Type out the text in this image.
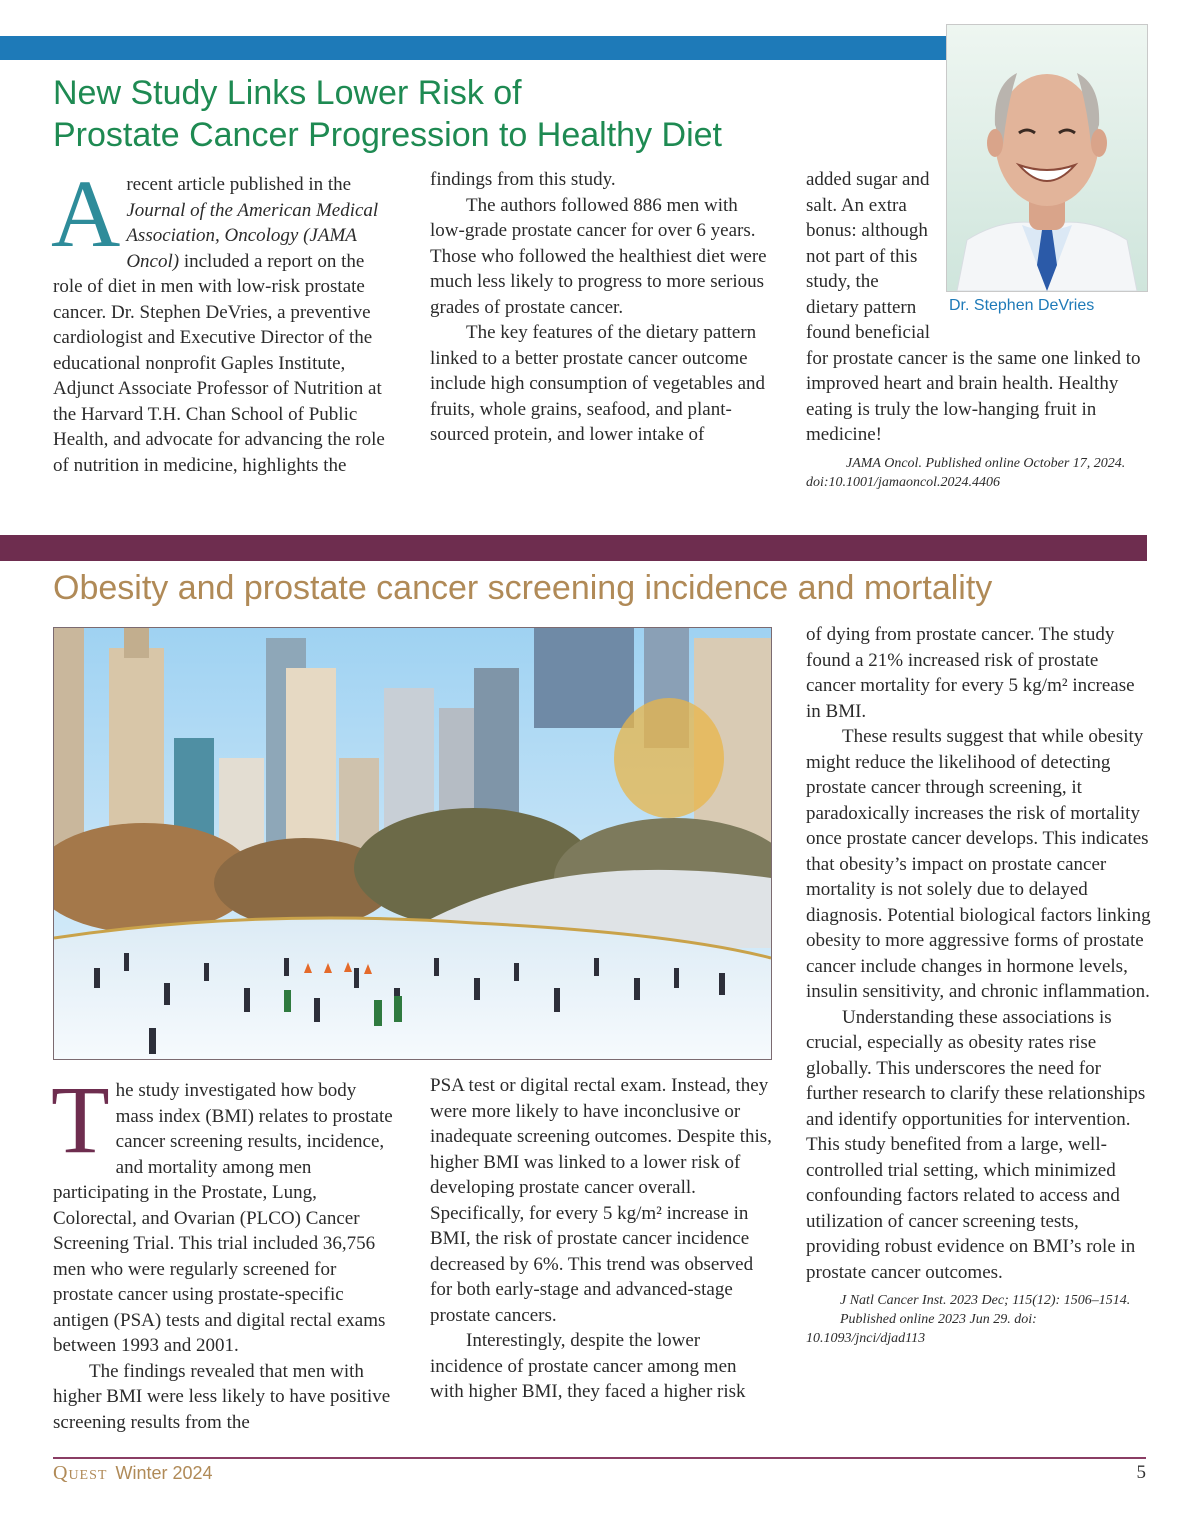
New Study Links Lower Risk of
Prostate Cancer Progression to Healthy Diet
Dr. Stephen DeVries
A recent article published in the Journal of the American Medical Association, Oncology (JAMA Oncol) included a report on the role of diet in men with low-risk prostate cancer. Dr. Stephen DeVries, a preventive cardiologist and Executive Director of the educational nonprofit Gaples Institute, Adjunct Associate Professor of Nutrition at the Harvard T.H. Chan School of Public Health, and advocate for advancing the role of nutrition in medicine, highlights the

findings from this study.

The authors followed 886 men with low-grade prostate cancer for over 6 years. Those who followed the healthiest diet were much less likely to progress to more serious grades of prostate cancer.

The key features of the dietary pattern linked to a better prostate cancer outcome include high consumption of vegetables and fruits, whole grains, seafood, and plant-sourced protein, and lower intake of

added sugar and salt. An extra bonus: although not part of this study, the dietary pattern found beneficial for prostate cancer is the same one linked to improved heart and brain health. Healthy eating is truly the low-hanging fruit in medicine!

JAMA Oncol. Published online October 17, 2024. doi:10.1001/jamaoncol.2024.4406

Obesity and prostate cancer screening incidence and mortality
T he study investigated how body mass index (BMI) relates to prostate cancer screening results, incidence, and mortality among men participating in the Prostate, Lung, Colorectal, and Ovarian (PLCO) Cancer Screening Trial. This trial included 36,756 men who were regularly screened for prostate cancer using prostate-specific antigen (PSA) tests and digital rectal exams between 1993 and 2001.

The findings revealed that men with higher BMI were less likely to have positive screening results from the

PSA test or digital rectal exam. Instead, they were more likely to have inconclusive or inadequate screening outcomes. Despite this, higher BMI was linked to a lower risk of developing prostate cancer overall. Specifically, for every 5 kg/m² increase in BMI, the risk of prostate cancer incidence decreased by 6%. This trend was observed for both early-stage and advanced-stage prostate cancers.

Interestingly, despite the lower incidence of prostate cancer among men with higher BMI, they faced a higher risk

of dying from prostate cancer. The study found a 21% increased risk of prostate cancer mortality for every 5 kg/m² increase in BMI.

These results suggest that while obesity might reduce the likelihood of detecting prostate cancer through screening, it paradoxically increases the risk of mortality once prostate cancer develops. This indicates that obesity’s impact on prostate cancer mortality is not solely due to delayed diagnosis. Potential biological factors linking obesity to more aggressive forms of prostate cancer include changes in hormone levels, insulin sensitivity, and chronic inflammation.

Understanding these associations is crucial, especially as obesity rates rise globally. This underscores the need for further research to clarify these relationships and identify opportunities for intervention. This study benefited from a large, well-controlled trial setting, which minimized confounding factors related to access and utilization of cancer screening tests, providing robust evidence on BMI’s role in prostate cancer outcomes.

J Natl Cancer Inst. 2023 Dec; 115(12): 1506–1514.

Published online 2023 Jun 29. doi: 10.1093/jnci/djad113

Quest Winter 2024	5
